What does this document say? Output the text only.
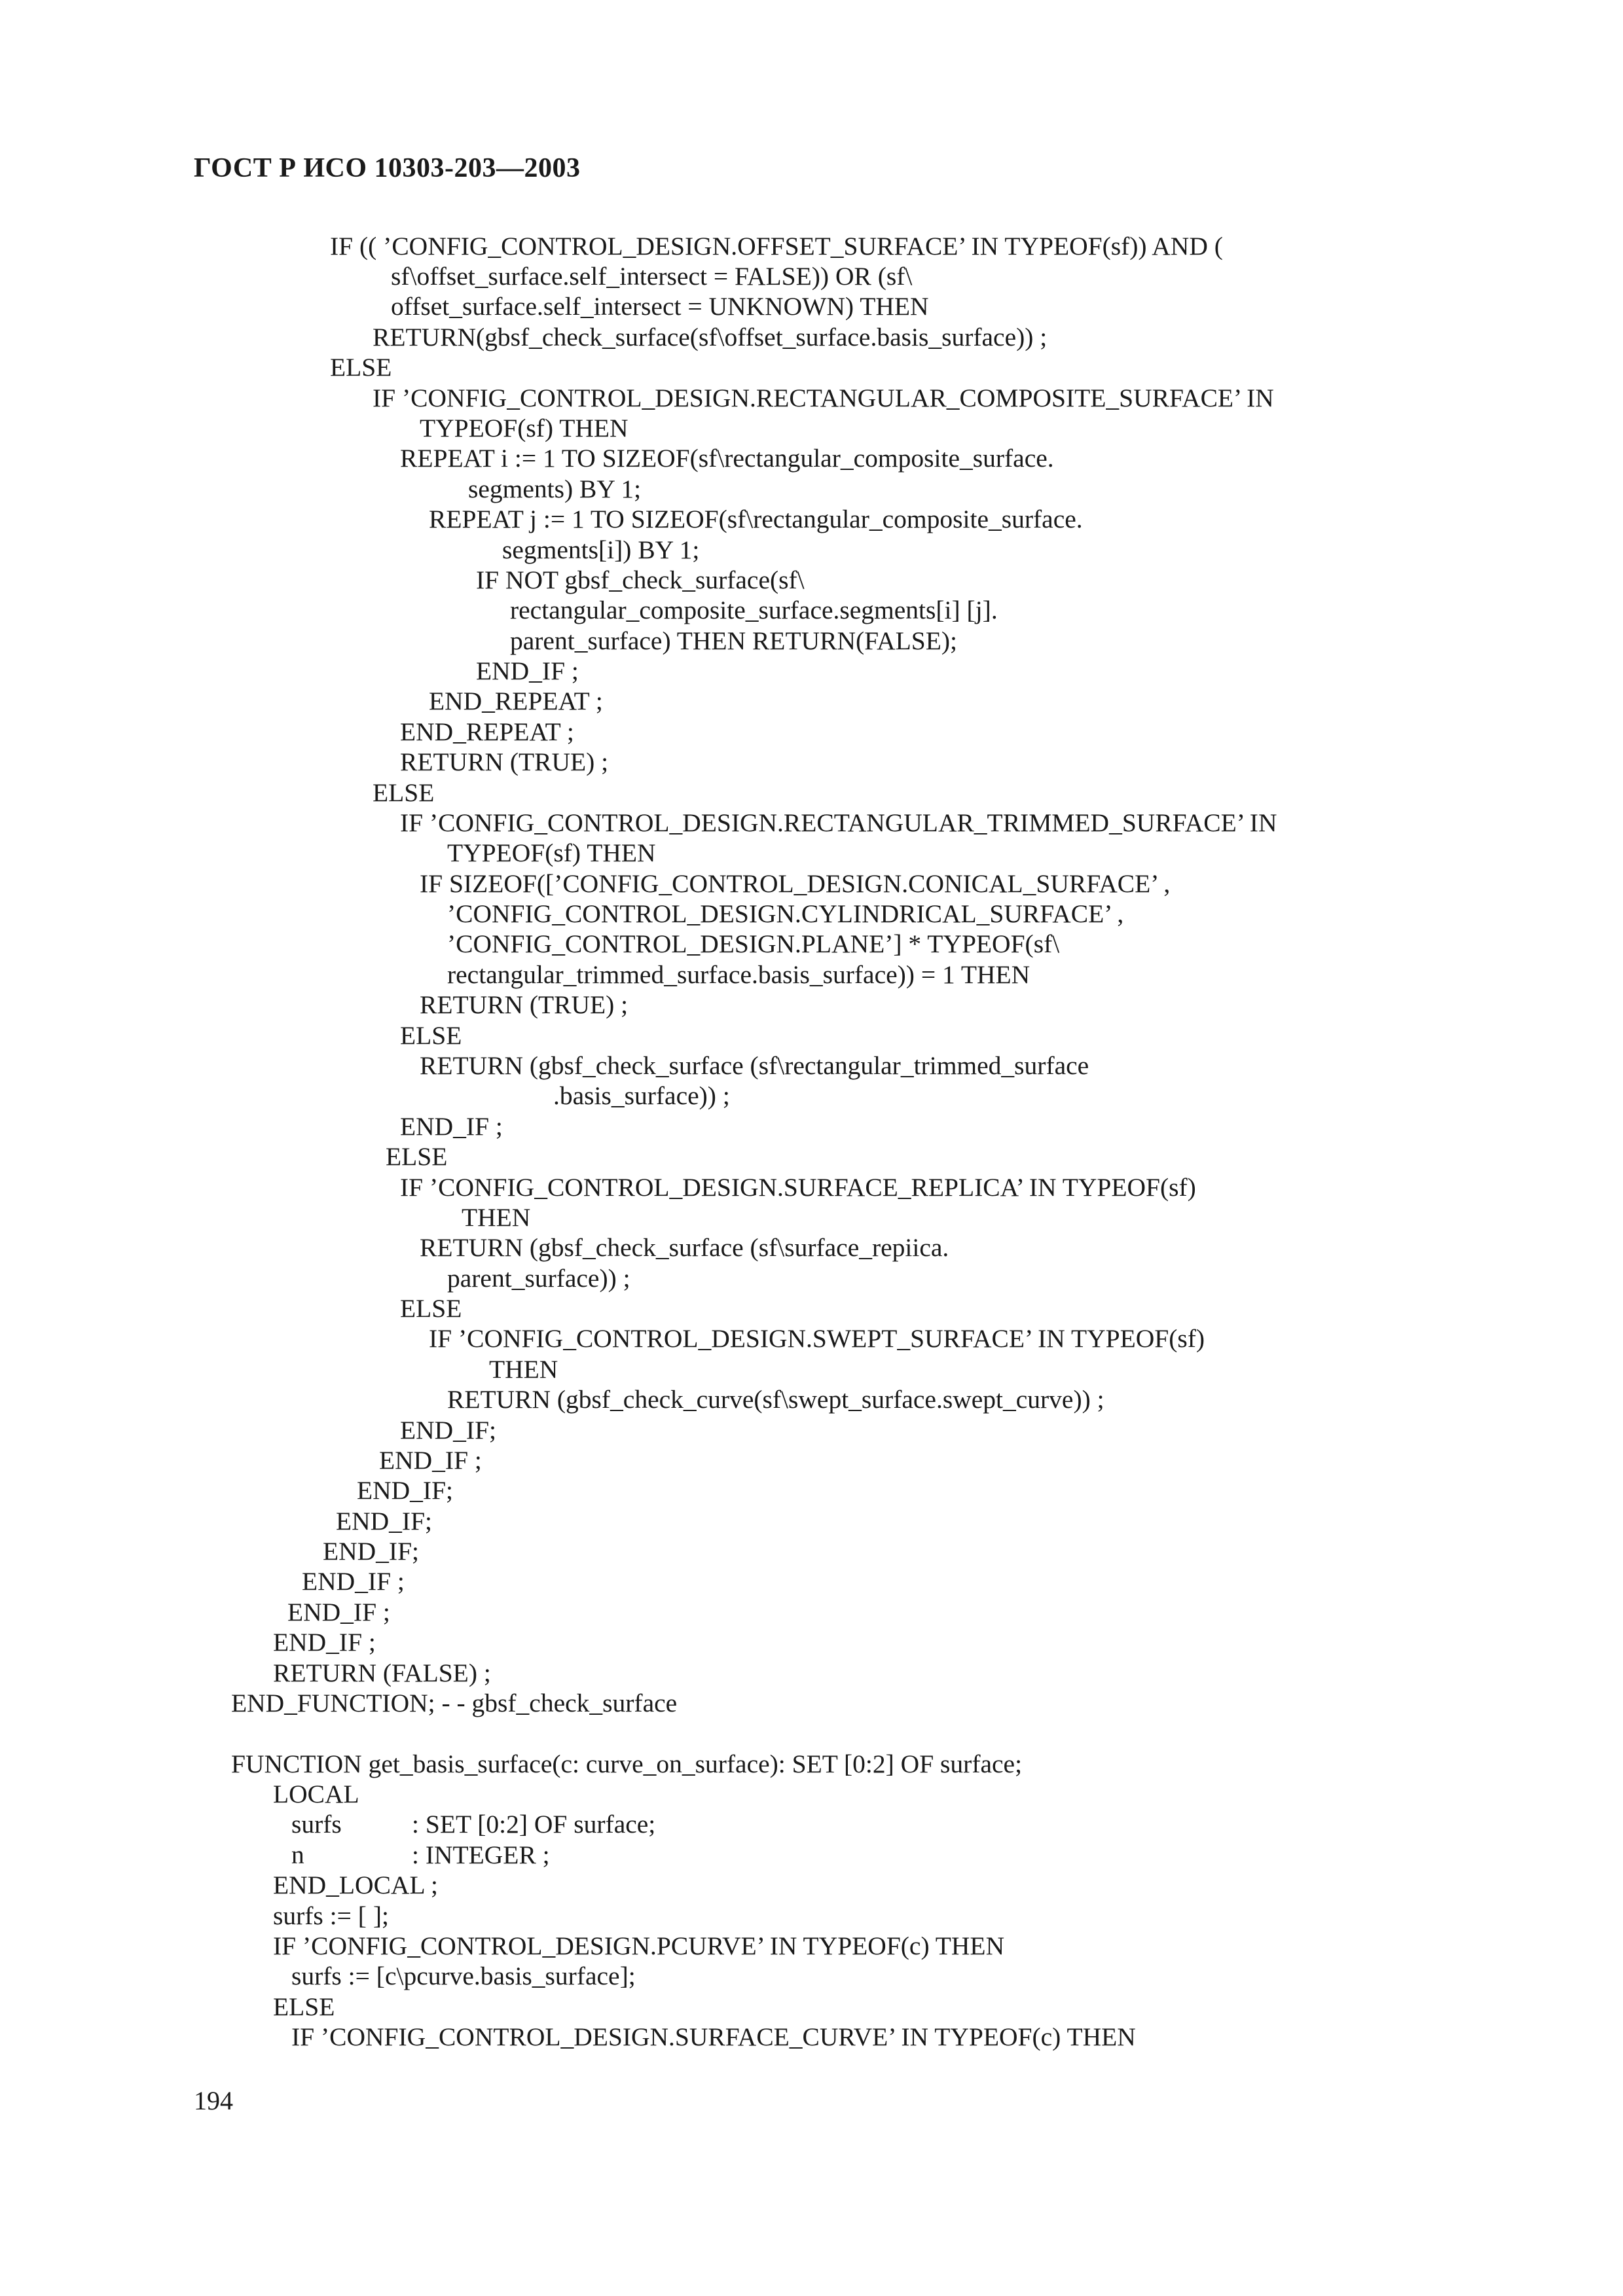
ГОСТ Р ИСО 10303-203—2003
IF (( ’CONFIG_CONTROL_DESIGN.OFFSET_SURFACE’ IN TYPEOF(sf)) AND (
sf\offset_surface.self_intersect = FALSE)) OR (sf\
offset_surface.self_intersect = UNKNOWN) THEN
RETURN(gbsf_check_surface(sf\offset_surface.basis_surface)) ;
ELSE
IF ’CONFIG_CONTROL_DESIGN.RECTANGULAR_COMPOSITE_SURFACE’ IN
TYPEOF(sf) THEN
REPEAT i := 1 TO SIZEOF(sf\rectangular_composite_surface.
segments) BY 1;
REPEAT j := 1 TO SIZEOF(sf\rectangular_composite_surface.
segments[i]) BY 1;
IF NOT gbsf_check_surface(sf\
rectangular_composite_surface.segments[i] [j].
parent_surface) THEN RETURN(FALSE);
END_IF ;
END_REPEAT ;
END_REPEAT ;
RETURN (TRUE) ;
ELSE
IF ’CONFIG_CONTROL_DESIGN.RECTANGULAR_TRIMMED_SURFACE’ IN
TYPEOF(sf) THEN
IF SIZEOF([’CONFIG_CONTROL_DESIGN.CONICAL_SURFACE’ ,
’CONFIG_CONTROL_DESIGN.CYLINDRICAL_SURFACE’ ,
’CONFIG_CONTROL_DESIGN.PLANE’] * TYPEOF(sf\
rectangular_trimmed_surface.basis_surface)) = 1 THEN
RETURN (TRUE) ;
ELSE
RETURN (gbsf_check_surface (sf\rectangular_trimmed_surface
.basis_surface)) ;
END_IF ;
ELSE
IF ’CONFIG_CONTROL_DESIGN.SURFACE_REPLICA’ IN TYPEOF(sf)
THEN
RETURN (gbsf_check_surface (sf\surface_repiica.
parent_surface)) ;
ELSE
IF ’CONFIG_CONTROL_DESIGN.SWEPT_SURFACE’ IN TYPEOF(sf)
THEN
RETURN (gbsf_check_curve(sf\swept_surface.swept_curve)) ;
END_IF;
END_IF ;
END_IF;
END_IF;
END_IF;
END_IF ;
END_IF ;
END_IF ;
RETURN (FALSE) ;
END_FUNCTION; - - gbsf_check_surface
FUNCTION get_basis_surface(c: curve_on_surface): SET [0:2] OF surface;
LOCAL
surfs	: SET [0:2] OF surface;
n	: INTEGER ;
END_LOCAL ;
surfs := [ ];
IF ’CONFIG_CONTROL_DESIGN.PCURVE’ IN TYPEOF(c) THEN
surfs := [c\pcurve.basis_surface];
ELSE
IF ’CONFIG_CONTROL_DESIGN.SURFACE_CURVE’ IN TYPEOF(c) THEN
194
